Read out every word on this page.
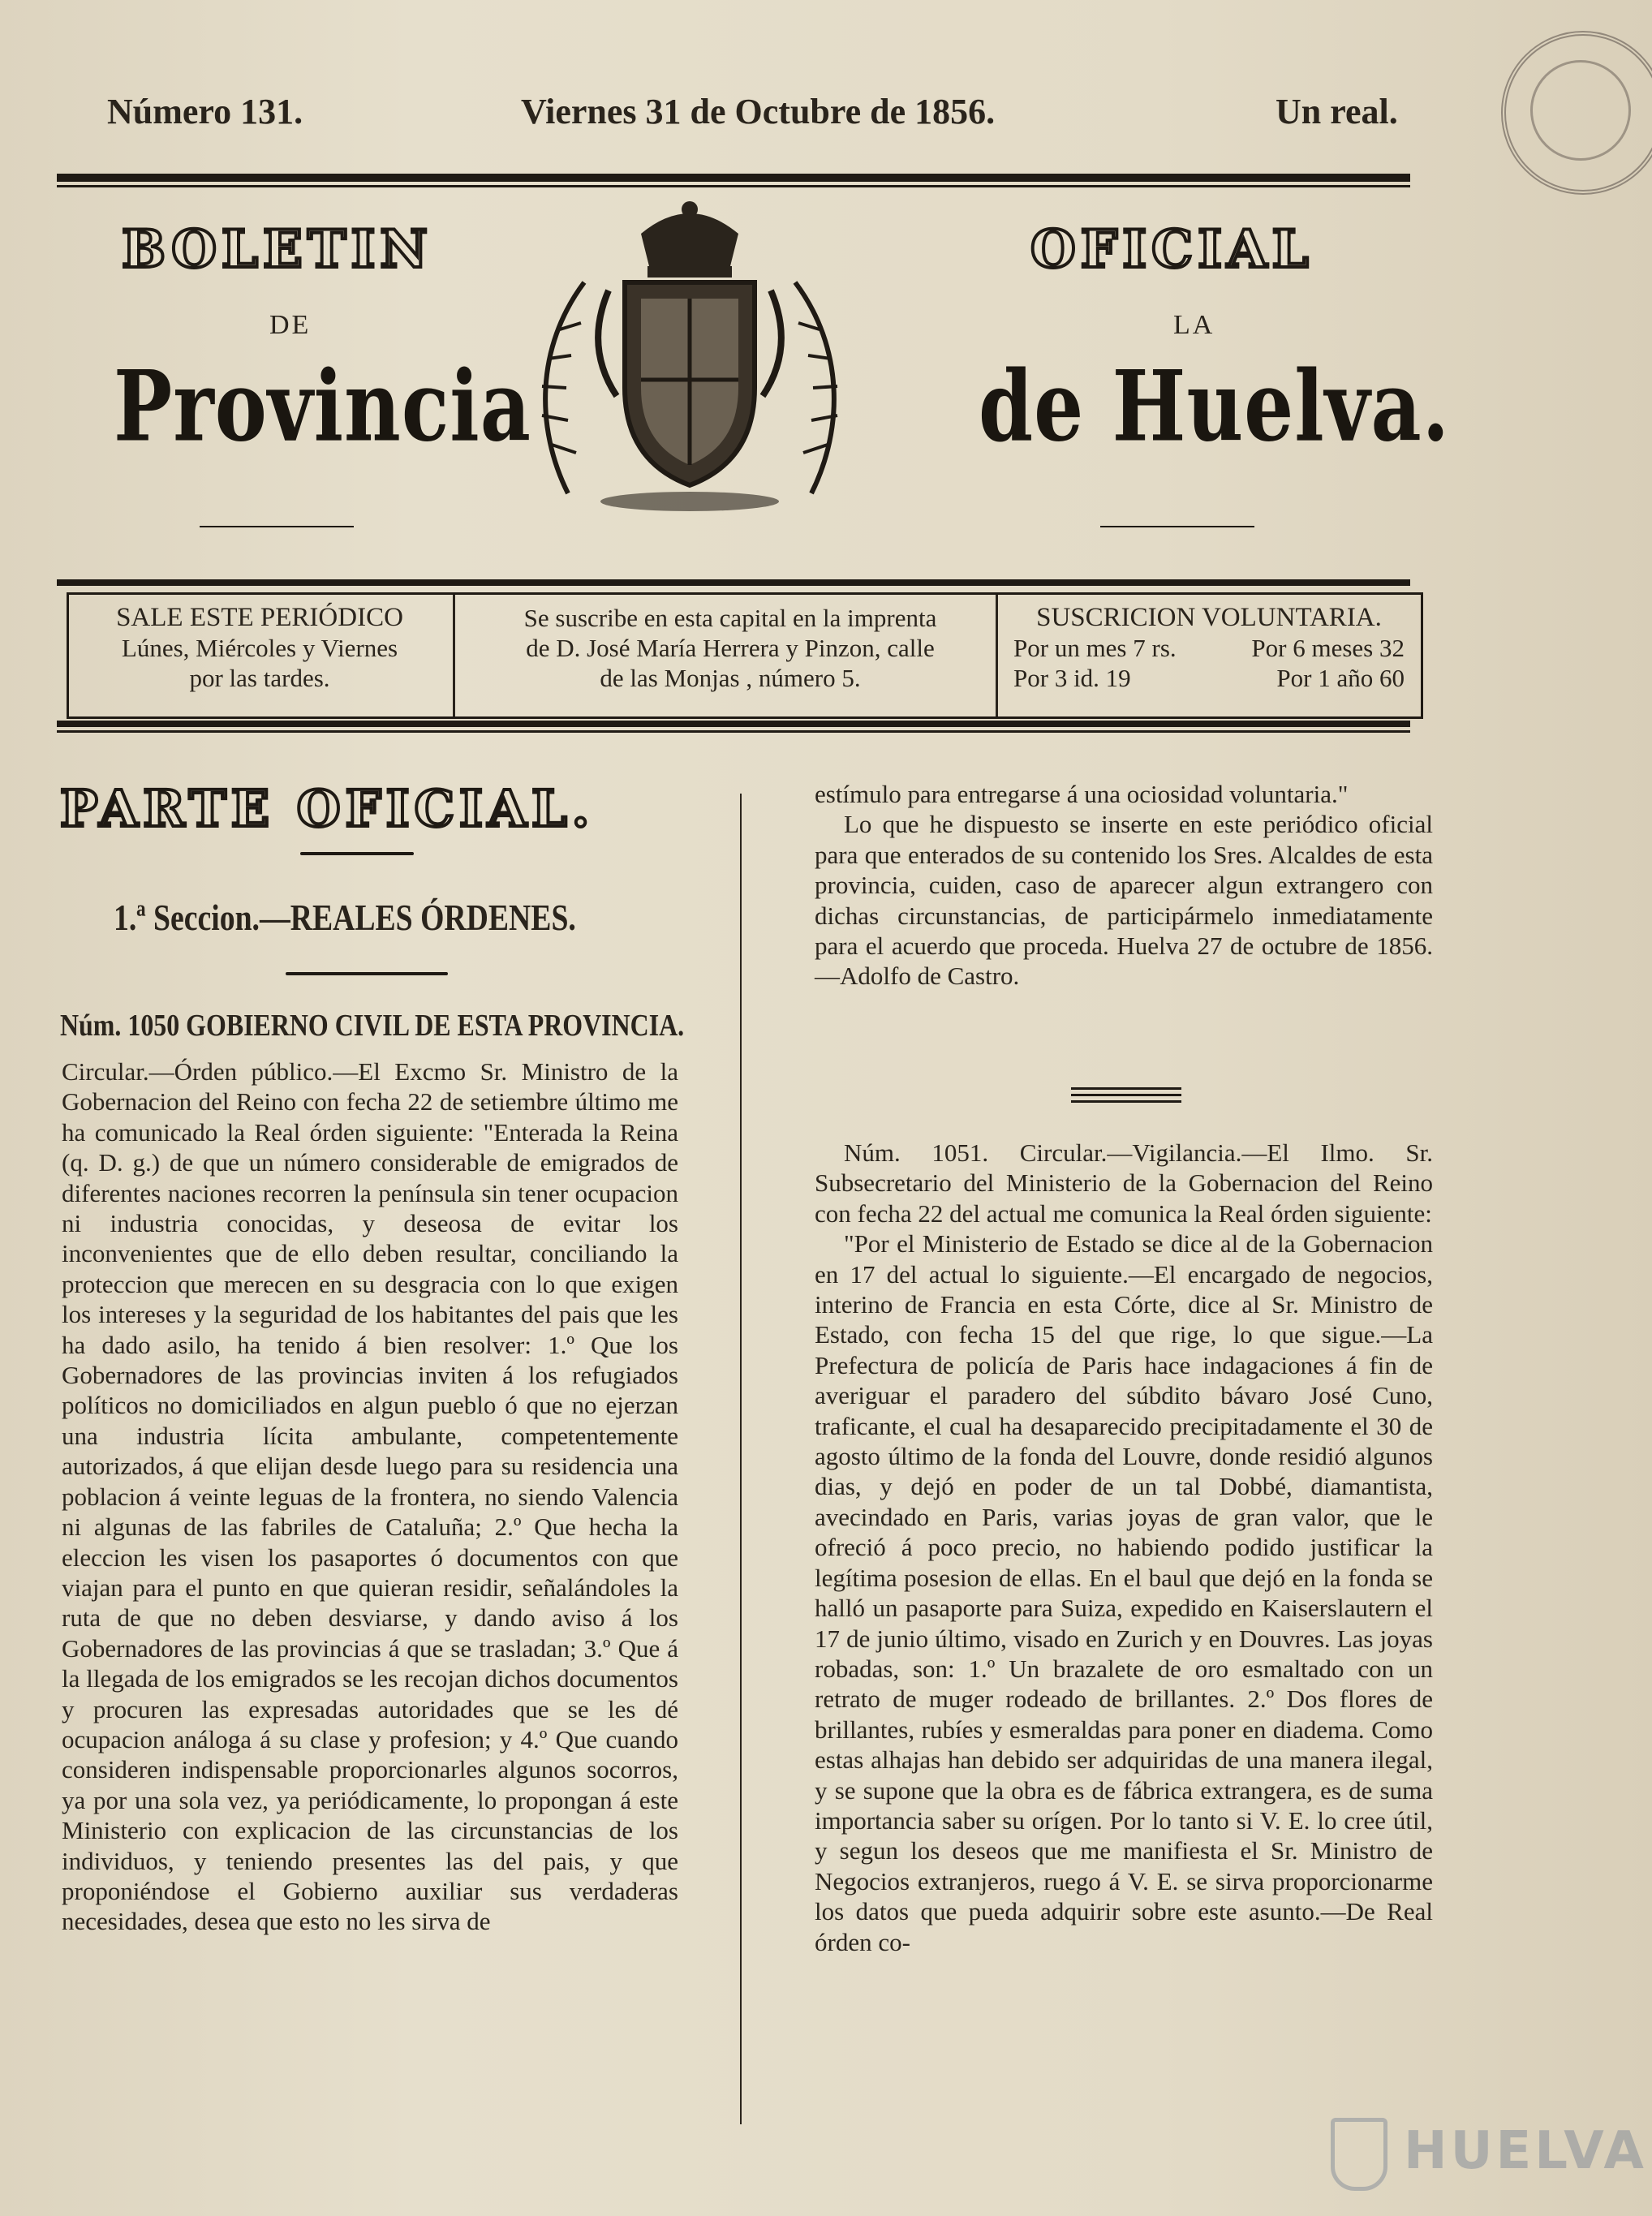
Número 131.	Viernes 31 de Octubre de 1856.	Un real.
BOLETIN	OFICIAL
DE	LA
Provincia	de Huelva.
SALE ESTE PERIÓDICO
Lúnes, Miércoles y Viernes
por las tardes.
Se suscribe en esta capital en la imprenta
de D. José María Herrera y Pinzon, calle
de las Monjas , número 5.
SUSCRICION VOLUNTARIA.
Por un mes 7 rs.	Por 6 meses 32
Por 3 id. 19	Por 1 año 60
PARTE OFICIAL.
1.ª Seccion.—REALES ÓRDENES.
Núm. 1050 GOBIERNO CIVIL DE ESTA PROVINCIA.

Circular.—Órden público.—El Excmo Sr. Ministro de la Gobernacion del Reino con fecha 22 de setiembre último me ha comunicado la Real órden siguiente: "Enterada la Reina (q. D. g.) de que un número considerable de emigrados de diferentes naciones recorren la península sin tener ocupacion ni industria conocidas, y deseosa de evitar los inconvenientes que de ello deben resultar, conciliando la proteccion que merecen en su desgracia con lo que exigen los intereses y la seguridad de los habitantes del pais que les ha dado asilo, ha tenido á bien resolver: 1.º Que los Gobernadores de las provincias inviten á los refugiados políticos no domiciliados en algun pueblo ó que no ejerzan una industria lícita ambulante, competentemente autorizados, á que elijan desde luego para su residencia una poblacion á veinte leguas de la frontera, no siendo Valencia ni algunas de las fabriles de Cataluña; 2.º Que hecha la eleccion les visen los pasaportes ó documentos con que viajan para el punto en que quieran residir, señalándoles la ruta de que no deben desviarse, y dando aviso á los Gobernadores de las provincias á que se trasladan; 3.º Que á la llegada de los emigrados se les recojan dichos documentos y procuren las expresadas autoridades que se les dé ocupacion análoga á su clase y profesion; y 4.º Que cuando consideren indispensable proporcionarles algunos socorros, ya por una sola vez, ya periódicamente, lo propongan á este Ministerio con explicacion de las circunstancias de los individuos, y teniendo presentes las del pais, y que proponiéndose el Gobierno auxiliar sus verdaderas necesidades, desea que esto no les sirva de

estímulo para entregarse á una ociosidad voluntaria."

Lo que he dispuesto se inserte en este periódico oficial para que enterados de su contenido los Sres. Alcaldes de esta provincia, cuiden, caso de aparecer algun extrangero con dichas circunstancias, de participármelo inmediatamente para el acuerdo que proceda. Huelva 27 de octubre de 1856.—Adolfo de Castro.

Núm. 1051. Circular.—Vigilancia.—El Ilmo. Sr. Subsecretario del Ministerio de la Gobernacion del Reino con fecha 22 del actual me comunica la Real órden siguiente:

"Por el Ministerio de Estado se dice al de la Gobernacion en 17 del actual lo siguiente.—El encargado de negocios, interino de Francia en esta Córte, dice al Sr. Ministro de Estado, con fecha 15 del que rige, lo que sigue.—La Prefectura de policía de Paris hace indagaciones á fin de averiguar el paradero del súbdito bávaro José Cuno, traficante, el cual ha desaparecido precipitadamente el 30 de agosto último de la fonda del Louvre, donde residió algunos dias, y dejó en poder de un tal Dobbé, diamantista, avecindado en Paris, varias joyas de gran valor, que le ofreció á poco precio, no habiendo podido justificar la legítima posesion de ellas. En el baul que dejó en la fonda se halló un pasaporte para Suiza, expedido en Kaiserslautern el 17 de junio último, visado en Zurich y en Douvres. Las joyas robadas, son: 1.º Un brazalete de oro esmaltado con un retrato de muger rodeado de brillantes. 2.º Dos flores de brillantes, rubíes y esmeraldas para poner en diadema. Como estas alhajas han debido ser adquiridas de una manera ilegal, y se supone que la obra es de fábrica extrangera, es de suma importancia saber su orígen. Por lo tanto si V. E. lo cree útil, y segun los deseos que me manifiesta el Sr. Ministro de Negocios extranjeros, ruego á V. E. se sirva proporcionarme los datos que pueda adquirir sobre este asunto.—De Real órden co-

HUELVA
